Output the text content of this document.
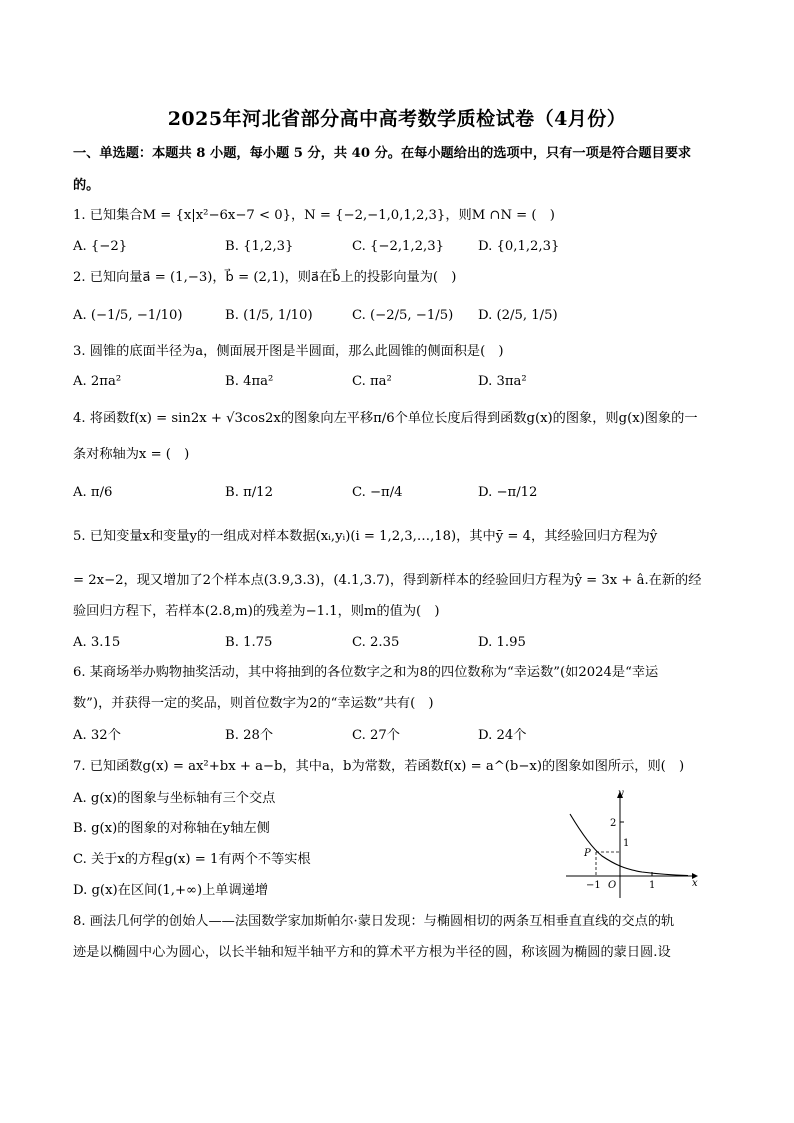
2025年河北省部分高中高考数学质检试卷（4月份）
一、单选题：本题共 8 小题，每小题 5 分，共 40 分。在每小题给出的选项中，只有一项是符合题目要求
的。
1. 已知集合M = {x|x²−6x−7 < 0}，N = {−2,−1,0,1,2,3}，则M ∩N = (　)
A. {−2}	B. {1,2,3}	C. {−2,1,2,3}	D. {0,1,2,3}
2. 已知向量a⃗ = (1,−3)，b⃗ = (2,1)，则a⃗在b⃗上的投影向量为(　)
A. (−1/5, −1/10)	B. (1/5, 1/10)	C. (−2/5, −1/5) D. (2/5, 1/5)
3. 圆锥的底面半径为a，侧面展开图是半圆面，那么此圆锥的侧面积是(　)
A. 2πa²	B. 4πa²	C. πa²	D. 3πa²
4. 将函数f(x) = sin2x + √3cos2x的图象向左平移π/6个单位长度后得到函数g(x)的图象，则g(x)图象的一
条对称轴为x = (　)
A. π/6	B. π/12	C. −π/4	D. −π/12
5. 已知变量x和变量y的一组成对样本数据(xᵢ,yᵢ)(i = 1,2,3,…,18)，其中ȳ = 4，其经验回归方程为ŷ
= 2x−2，现又增加了2个样本点(3.9,3.3)，(4.1,3.7)，得到新样本的经验回归方程为ŷ = 3x + â.在新的经
验回归方程下，若样本(2.8,m)的残差为−1.1，则m的值为(　)
A. 3.15	B. 1.75	C. 2.35	D. 1.95
6. 某商场举办购物抽奖活动，其中将抽到的各位数字之和为8的四位数称为“幸运数”(如2024是“幸运
数”)，并获得一定的奖品，则首位数字为2的“幸运数”共有(　)
A. 32个	B. 28个	C. 27个	D. 24个
7. 已知函数g(x) = ax²+bx + a−b，其中a，b为常数，若函数f(x) = a^(b−x)的图象如图所示，则(　)
A. g(x)的图象与坐标轴有三个交点
B. g(x)的图象的对称轴在y轴左侧
C. 关于x的方程g(x) = 1有两个不等实根
D. g(x)在区间(1,+∞)上单调递增
y
x
2
1
P
−1 O	1
8. 画法几何学的创始人——法国数学家加斯帕尔·蒙日发现：与椭圆相切的两条互相垂直直线的交点的轨
迹是以椭圆中心为圆心，以长半轴和短半轴平方和的算术平方根为半径的圆，称该圆为椭圆的蒙日圆.设
